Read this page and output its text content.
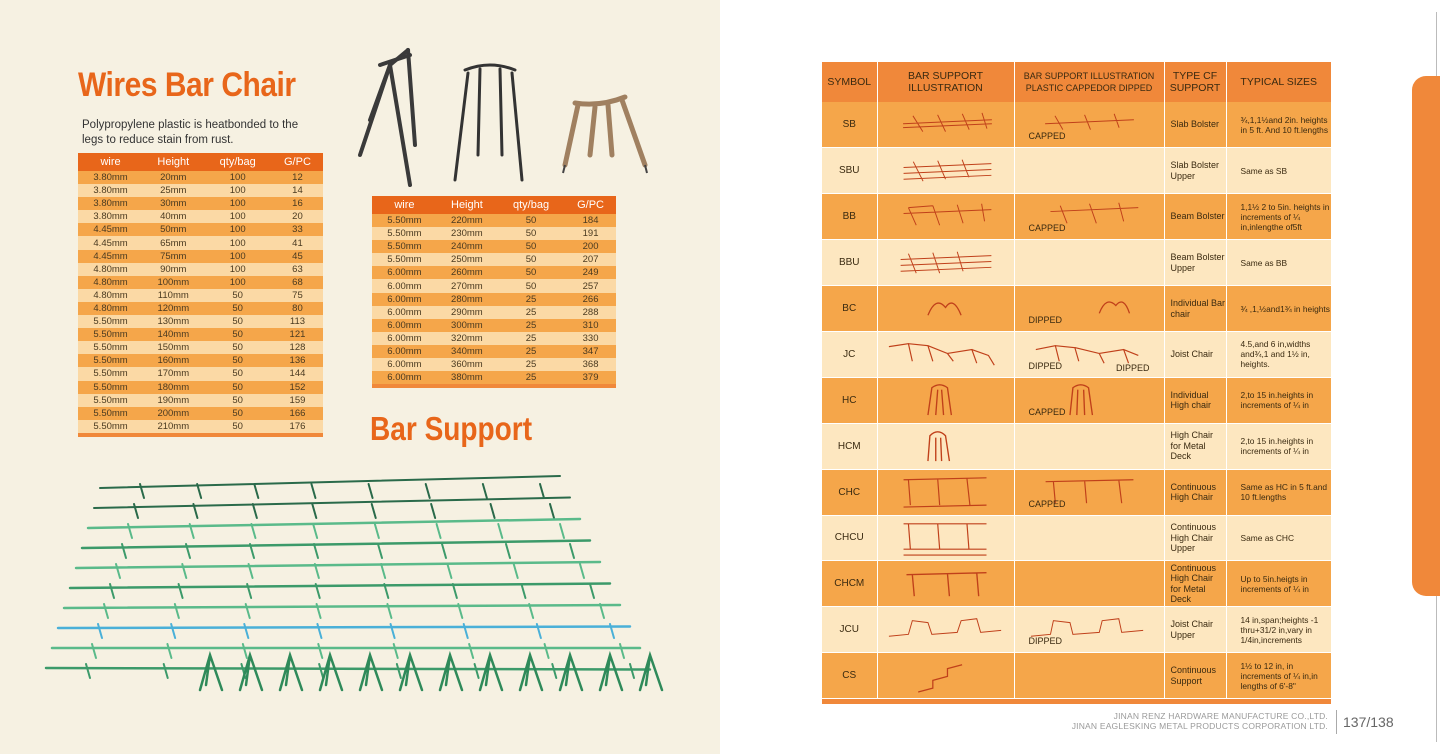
Wires Bar Chair
Polypropylene plastic is heatbonded to the legs to reduce stain from rust.
wire	Height	qty/bag	G/PC
3.80mm	20mm	100	12
3.80mm	25mm	100	14
3.80mm	30mm	100	16
3.80mm	40mm	100	20
4.45mm	50mm	100	33
4.45mm	65mm	100	41
4.45mm	75mm	100	45
4.80mm	90mm	100	63
4.80mm	100mm	100	68
4.80mm	110mm	50	75
4.80mm	120mm	50	80
5.50mm	130mm	50	113
5.50mm	140mm	50	121
5.50mm	150mm	50	128
5.50mm	160mm	50	136
5.50mm	170mm	50	144
5.50mm	180mm	50	152
5.50mm	190mm	50	159
5.50mm	200mm	50	166
5.50mm	210mm	50	176

wire	Height	qty/bag	G/PC
5.50mm	220mm	50	184
5.50mm	230mm	50	191
5.50mm	240mm	50	200
5.50mm	250mm	50	207
6.00mm	260mm	50	249
6.00mm	270mm	50	257
6.00mm	280mm	25	266
6.00mm	290mm	25	288
6.00mm	300mm	25	310
6.00mm	320mm	25	330
6.00mm	340mm	25	347
6.00mm	360mm	25	368
6.00mm	380mm	25	379

Bar Support
SYMBOL	BAR SUPPORT ILLUSTRATION	BAR SUPPORT ILLUSTRATION PLASTIC CAPPEDOR DIPPED	TYPE CF SUPPORT	TYPICAL SIZES
SB		CAPPED	Slab Bolster	¾,1,1½and 2in. heights in 5 ft. And 10 ft.lengths
SBU			Slab Bolster Upper	Same as SB
BB		CAPPED	Beam Bolster	1,1½ 2 to 5in. heights in increments of ¼ in,inlengthe of5ft
BBU			Beam Bolster Upper	Same as BB
BC		DIPPED	Individual Bar chair	¾ ,1,½and1¾ in heights
JC		DIPPED DIPPED	Joist Chair	4.5,and 6 in,widths and¾,1 and 1½ in, heights.
HC		CAPPED	Individual High chair	2,to 15 in.heights in increments of ¼ in
HCM			High Chair for Metal Deck	2,to 15 in.heights in increments of ¼ in
CHC		CAPPED	Continuous High Chair	Same as HC in 5 ft.and 10 ft.lengths
CHCU			Continuous High Chair Upper	Same as CHC
CHCM			Continuous High Chair for Metal Deck	Up to 5in.heigts in increments of ¼ in
JCU		DIPPED	Joist Chair Upper	14 in,span;heights -1 thru+31/2 in,vary in 1/4in,increments
CS			Continuous Support	1½ to 12 in, in increments of ¼ in,in lengths of 6'-8"

JINAN RENZ HARDWARE MANUFACTURE CO.,LTD.
JINAN EAGLESKING METAL PRODUCTS CORPORATION LTD. 137/138
